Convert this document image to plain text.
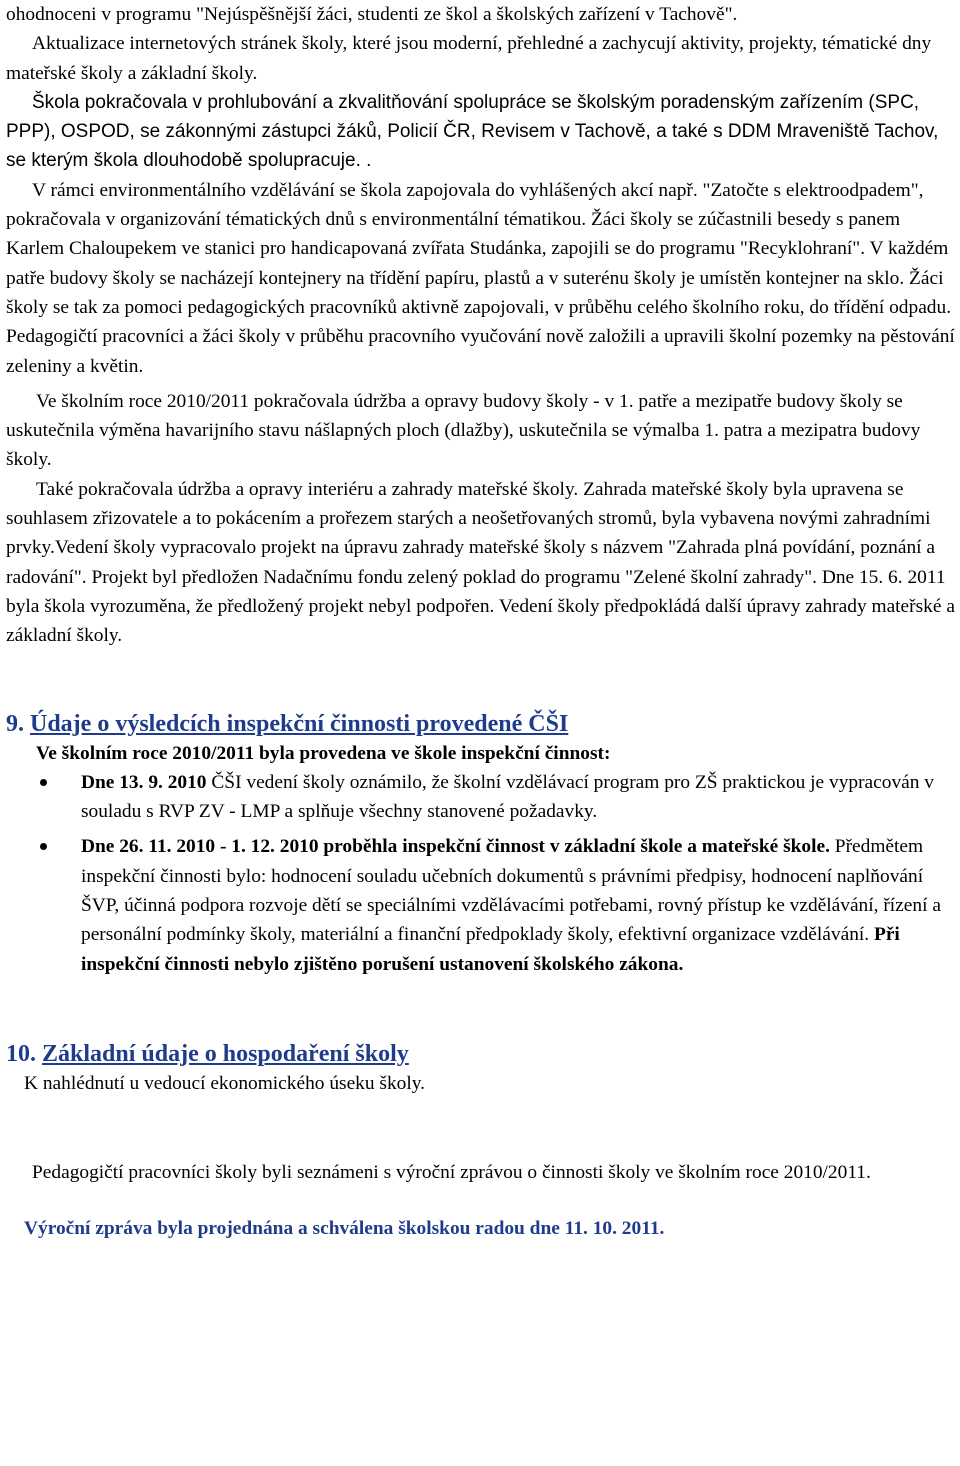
ohodnoceni v programu "Nejúspěšnější žáci, studenti ze škol a školských zařízení v Tachově".

Aktualizace internetových stránek školy, které jsou moderní, přehledné a zachycují aktivity, projekty, tématické dny mateřské školy a základní školy.

Škola pokračovala v prohlubování a zkvalitňování spolupráce se školským poradenským zařízením (SPC, PPP), OSPOD, se zákonnými zástupci žáků, Policií ČR, Revisem v Tachově, a také s DDM Mraveniště Tachov, se kterým škola dlouhodobě spolupracuje. .

V rámci environmentálního vzdělávání se škola zapojovala do vyhlášených akcí např. "Zatočte s elektroodpadem", pokračovala v organizování tématických dnů s environmentální tématikou. Žáci školy se zúčastnili besedy s panem Karlem Chaloupekem ve stanici pro handicapovaná zvířata Studánka, zapojili se do programu "Recyklohraní". V každém patře budovy školy se nacházejí kontejnery na třídění papíru, plastů a v suterénu školy je umístěn kontejner na sklo. Žáci školy se tak za pomoci pedagogických pracovníků aktivně zapojovali, v průběhu celého školního roku, do třídění odpadu. Pedagogičtí pracovníci a žáci školy v průběhu pracovního vyučování nově založili a upravili školní pozemky na pěstování zeleniny a květin.

Ve školním roce 2010/2011 pokračovala údržba a opravy budovy školy - v 1. patře a mezipatře budovy školy se uskutečnila výměna havarijního stavu nášlapných ploch (dlažby), uskutečnila se výmalba 1. patra a mezipatra budovy školy.

Také pokračovala údržba a opravy interiéru a zahrady mateřské školy. Zahrada mateřské školy byla upravena se souhlasem zřizovatele a to pokácením a prořezem starých a neošetřovaných stromů, byla vybavena novými zahradními prvky.Vedení školy vypracovalo projekt na úpravu zahrady mateřské školy s názvem "Zahrada plná povídání, poznání a radování". Projekt byl předložen Nadačnímu fondu zelený poklad do programu "Zelené školní zahrady". Dne 15. 6. 2011 byla škola vyrozuměna, že předložený projekt nebyl podpořen. Vedení školy předpokládá další úpravy zahrady mateřské a základní školy.

9. Údaje o výsledcích inspekční činnosti provedené ČŠI

Ve školním roce 2010/2011 byla provedena ve škole inspekční činnost:

Dne 13. 9. 2010 ČŠI vedení školy oznámilo, že školní vzdělávací program pro ZŠ praktickou je vypracován v souladu s RVP ZV - LMP a splňuje všechny stanovené požadavky.
Dne 26. 11. 2010 - 1. 12. 2010 proběhla inspekční činnost v základní škole a mateřské škole. Předmětem inspekční činnosti bylo: hodnocení souladu učebních dokumentů s právními předpisy, hodnocení naplňování ŠVP, účinná podpora rozvoje dětí se speciálními vzdělávacími potřebami, rovný přístup ke vzdělávání, řízení a personální podmínky školy, materiální a finanční předpoklady školy, efektivní organizace vzdělávání. Při inspekční činnosti nebylo zjištěno porušení ustanovení školského zákona.
10. Základní údaje o hospodaření školy

K nahlédnutí u vedoucí ekonomického úseku školy.

Pedagogičtí pracovníci školy byli seznámeni s výroční zprávou o činnosti školy ve školním roce 2010/2011.

Výroční zpráva byla projednána a schválena školskou radou dne 11. 10. 2011.
